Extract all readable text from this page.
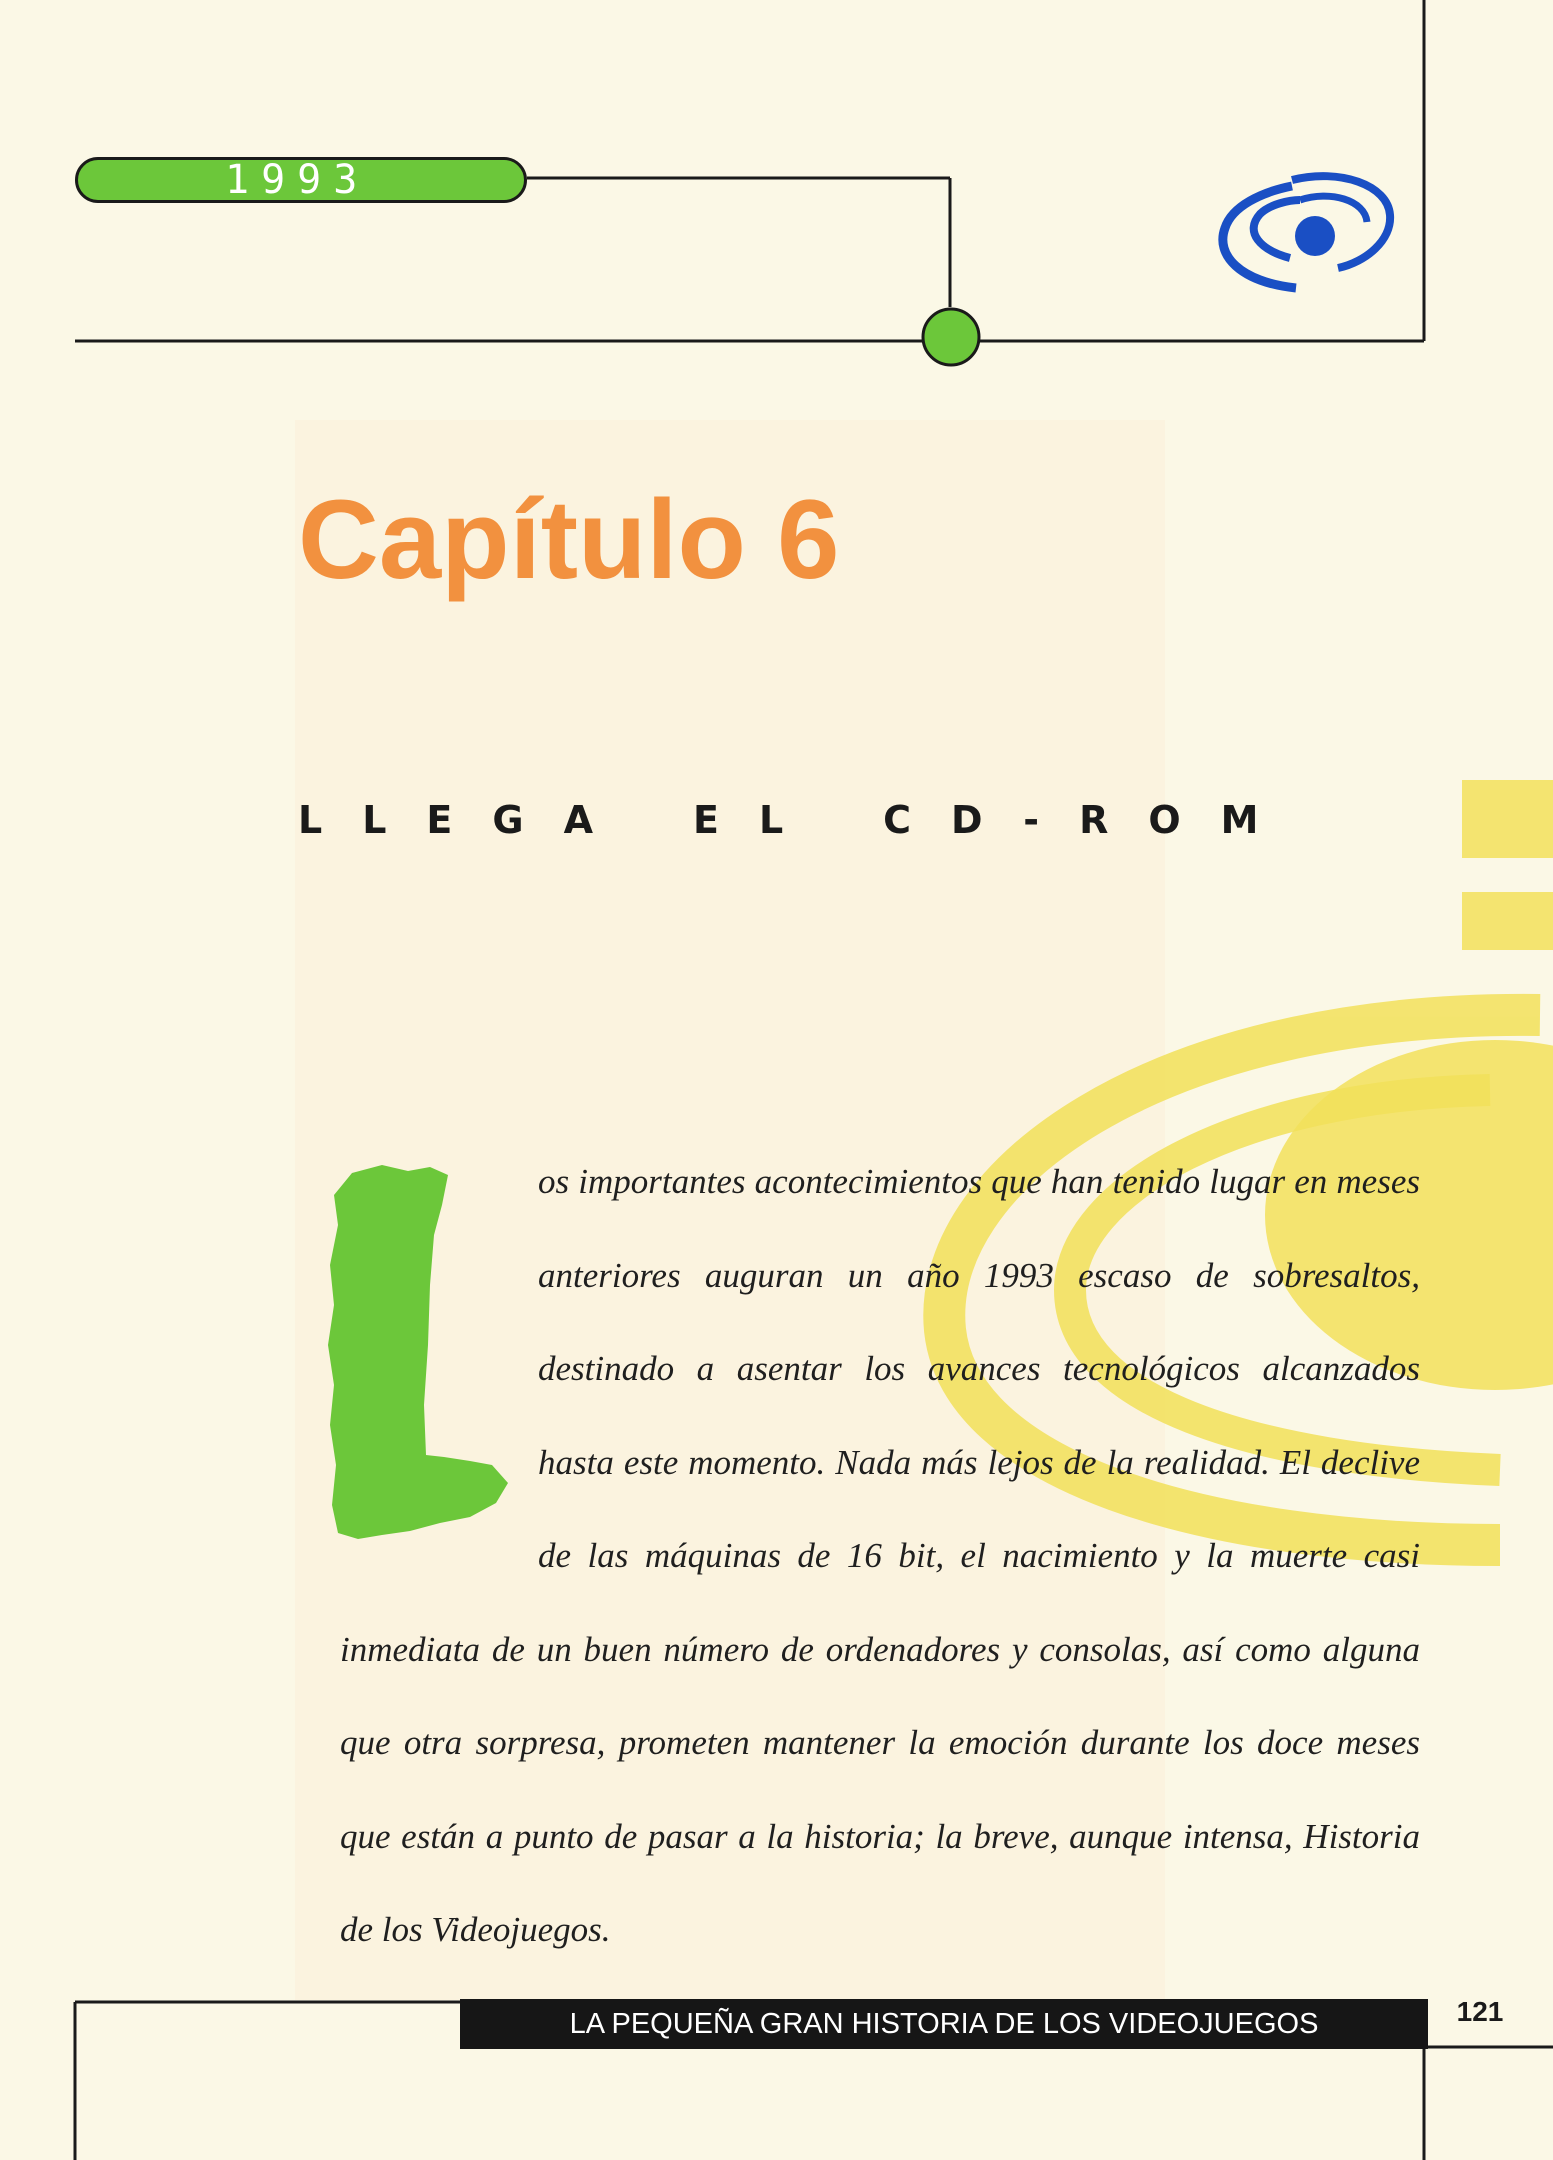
1993
Capítulo 6
LLEGA EL CD-ROM

os importantes acontecimientos que han tenido lugar en meses anteriores auguran un año 1993 escaso de sobresaltos, destinado a asentar los avances tecnológicos alcanzados hasta este momento. Nada más lejos de la realidad. El declive de las máquinas de 16 bit, el nacimiento y la muerte casi inmediata de un buen número de ordenadores y consolas, así como alguna que otra sorpresa, prometen mantener la emoción durante los doce meses que están a punto de pasar a la historia; la breve, aunque intensa, Historia de los Videojuegos.

LA PEQUEÑA GRAN HISTORIA DE LOS VIDEOJUEGOS	121
